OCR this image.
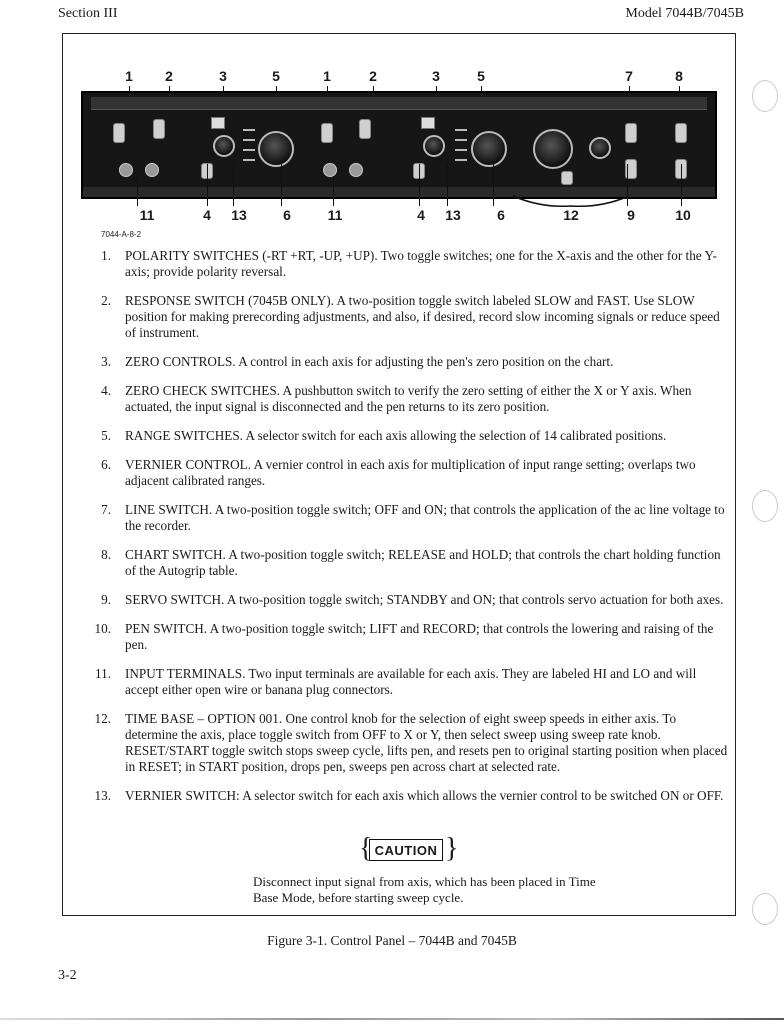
Section III	Model 7044B/7045B
1	2	3	5	1	2	3	5	7	8
11	4	13	6	11	4	13	6	12	9	10
7044-A-8-2
1.	POLARITY SWITCHES (-RT +RT, -UP, +UP). Two toggle switches; one for the X-axis and the other for the Y-axis; provide polarity reversal.
2.	RESPONSE SWITCH (7045B ONLY). A two-position toggle switch labeled SLOW and FAST. Use SLOW position for making prerecording adjustments, and also, if desired, record slow incoming signals or reduce speed of instrument.
3.	ZERO CONTROLS. A control in each axis for adjusting the pen's zero position on the chart.
4.	ZERO CHECK SWITCHES. A pushbutton switch to verify the zero setting of either the X or Y axis. When actuated, the input signal is disconnected and the pen returns to its zero position.
5.	RANGE SWITCHES. A selector switch for each axis allowing the selection of 14 calibrated positions.
6.	VERNIER CONTROL. A vernier control in each axis for multiplication of input range setting; overlaps two adjacent calibrated ranges.
7.	LINE SWITCH. A two-position toggle switch; OFF and ON; that controls the application of the ac line voltage to the recorder.
8.	CHART SWITCH. A two-position toggle switch; RELEASE and HOLD; that controls the chart holding function of the Autogrip table.
9.	SERVO SWITCH. A two-position toggle switch; STANDBY and ON; that controls servo actuation for both axes.
10.	PEN SWITCH. A two-position toggle switch; LIFT and RECORD; that controls the lowering and raising of the pen.
11.	INPUT TERMINALS. Two input terminals are available for each axis. They are labeled HI and LO and will accept either open wire or banana plug connectors.
12.	TIME BASE – OPTION 001. One control knob for the selection of eight sweep speeds in either axis. To determine the axis, place toggle switch from OFF to X or Y, then select sweep using sweep rate knob. RESET/START toggle switch stops sweep cycle, lifts pen, and resets pen to original starting position when placed in RESET; in START position, drops pen, sweeps pen across chart at selected rate.
13.	VERNIER SWITCH: A selector switch for each axis which allows the vernier control to be switched ON or OFF.
{ CAUTION }
Disconnect input signal from axis, which has been placed in Time Base Mode, before starting sweep cycle.
Figure 3-1. Control Panel – 7044B and 7045B
3-2
